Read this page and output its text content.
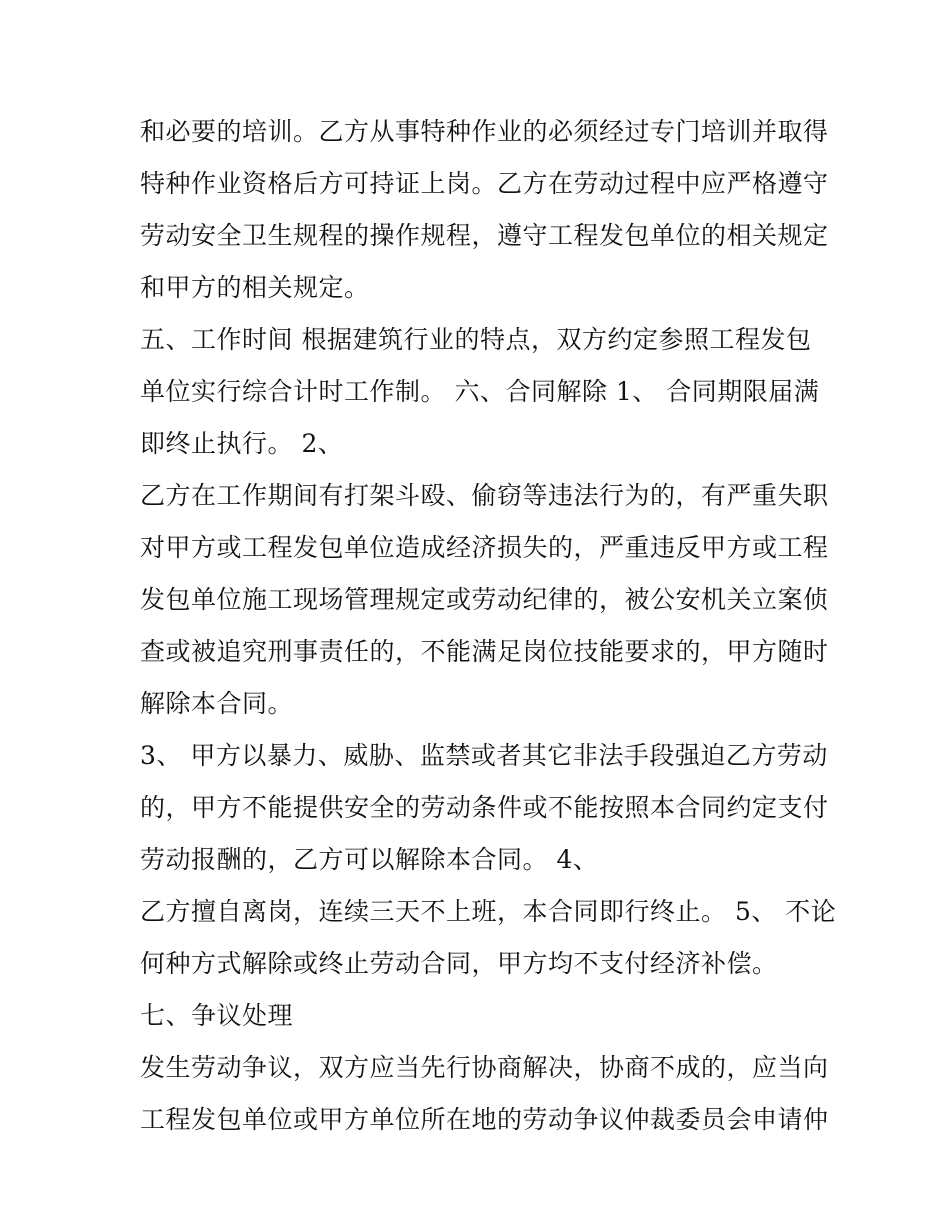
和必要的培训。乙方从事特种作业的必须经过专门培训并取得
特种作业资格后方可持证上岗。乙方在劳动过程中应严格遵守
劳动安全卫生规程的操作规程，遵守工程发包单位的相关规定
和甲方的相关规定。
五、工作时间 根据建筑行业的特点，双方约定参照工程发包
单位实行综合计时工作制。 六、合同解除 1、 合同期限届满
即终止执行。 2、
乙方在工作期间有打架斗殴、偷窃等违法行为的，有严重失职
对甲方或工程发包单位造成经济损失的，严重违反甲方或工程
发包单位施工现场管理规定或劳动纪律的，被公安机关立案侦
查或被追究刑事责任的，不能满足岗位技能要求的，甲方随时
解除本合同。
3、 甲方以暴力、威胁、监禁或者其它非法手段强迫乙方劳动
的，甲方不能提供安全的劳动条件或不能按照本合同约定支付
劳动报酬的，乙方可以解除本合同。 4、
乙方擅自离岗，连续三天不上班，本合同即行终止。 5、 不论
何种方式解除或终止劳动合同，甲方均不支付经济补偿。
七、争议处理
发生劳动争议，双方应当先行协商解决，协商不成的，应当向
工程发包单位或甲方单位所在地的劳动争议仲裁委员会申请仲
